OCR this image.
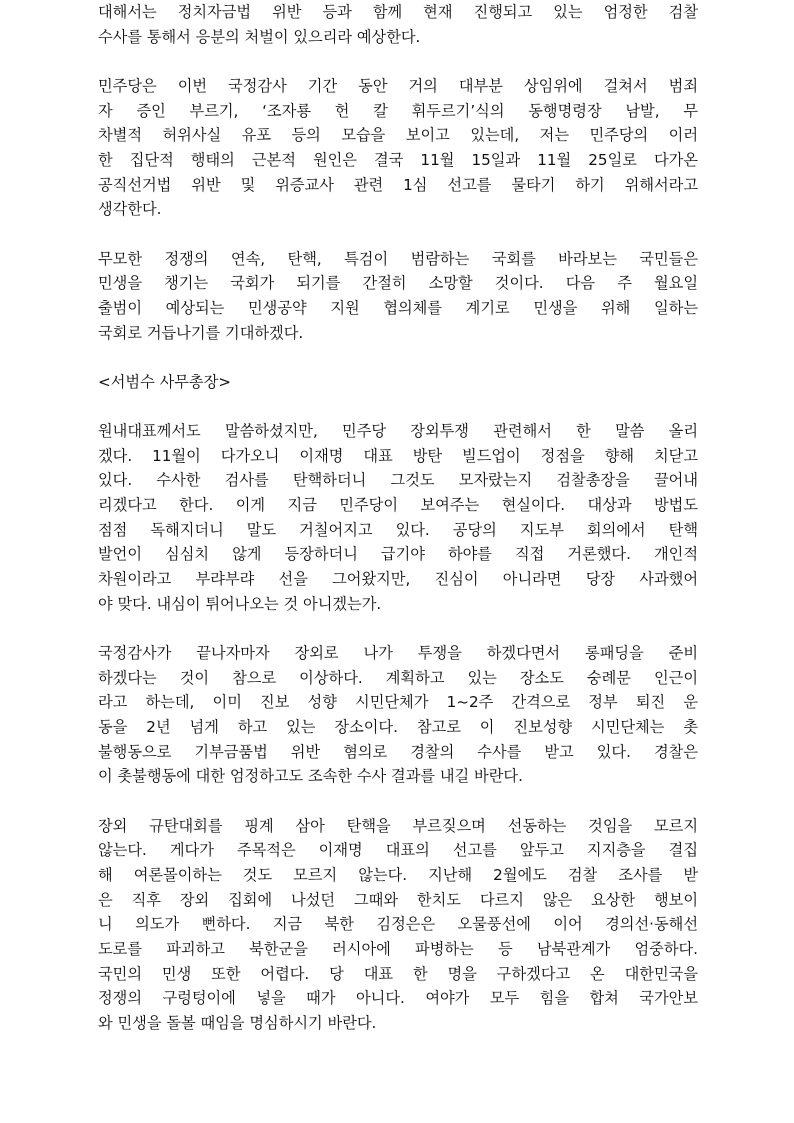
대해서는 정치자금법 위반 등과 함께 현재 진행되고 있는 엄정한 검찰
수사를 통해서 응분의 처벌이 있으리라 예상한다.
민주당은 이번 국정감사 기간 동안 거의 대부분 상임위에 걸쳐서 범죄
자 증인 부르기, ‘조자룡 헌 칼 휘두르기’식의 동행명령장 남발, 무
차별적 허위사실 유포 등의 모습을 보이고 있는데, 저는 민주당의 이러
한 집단적 행태의 근본적 원인은 결국 11월 15일과 11월 25일로 다가온
공직선거법 위반 및 위증교사 관련 1심 선고를 물타기 하기 위해서라고
생각한다.
무모한 정쟁의 연속, 탄핵, 특검이 범람하는 국회를 바라보는 국민들은
민생을 챙기는 국회가 되기를 간절히 소망할 것이다. 다음 주 월요일
출범이 예상되는 민생공약 지원 협의체를 계기로 민생을 위해 일하는
국회로 거듭나기를 기대하겠다.
<서범수 사무총장>
원내대표께서도 말씀하셨지만, 민주당 장외투쟁 관련해서 한 말씀 올리
겠다. 11월이 다가오니 이재명 대표 방탄 빌드업이 정점을 향해 치닫고
있다. 수사한 검사를 탄핵하더니 그것도 모자랐는지 검찰총장을 끌어내
리겠다고 한다. 이게 지금 민주당이 보여주는 현실이다. 대상과 방법도
점점 독해지더니 말도 거칠어지고 있다. 공당의 지도부 회의에서 탄핵
발언이 심심치 않게 등장하더니 급기야 하야를 직접 거론했다. 개인적
차원이라고 부랴부랴 선을 그어왔지만, 진심이 아니라면 당장 사과했어
야 맞다. 내심이 튀어나오는 것 아니겠는가.
국정감사가 끝나자마자 장외로 나가 투쟁을 하겠다면서 롱패딩을 준비
하겠다는 것이 참으로 이상하다. 계획하고 있는 장소도 숭례문 인근이
라고 하는데, 이미 진보 성향 시민단체가 1~2주 간격으로 정부 퇴진 운
동을 2년 넘게 하고 있는 장소이다. 참고로 이 진보성향 시민단체는 촛
불행동으로 기부금품법 위반 혐의로 경찰의 수사를 받고 있다. 경찰은
이 촛불행동에 대한 엄정하고도 조속한 수사 결과를 내길 바란다.
장외 규탄대회를 핑계 삼아 탄핵을 부르짖으며 선동하는 것임을 모르지
않는다. 게다가 주목적은 이재명 대표의 선고를 앞두고 지지층을 결집
해 여론몰이하는 것도 모르지 않는다. 지난해 2월에도 검찰 조사를 받
은 직후 장외 집회에 나섰던 그때와 한치도 다르지 않은 요상한 행보이
니 의도가 뻔하다. 지금 북한 김정은은 오물풍선에 이어 경의선·동해선
도로를 파괴하고 북한군을 러시아에 파병하는 등 남북관계가 엄중하다.
국민의 민생 또한 어렵다. 당 대표 한 명을 구하겠다고 온 대한민국을
정쟁의 구렁텅이에 넣을 때가 아니다. 여야가 모두 힘을 합쳐 국가안보
와 민생을 돌볼 때임을 명심하시기 바란다.
